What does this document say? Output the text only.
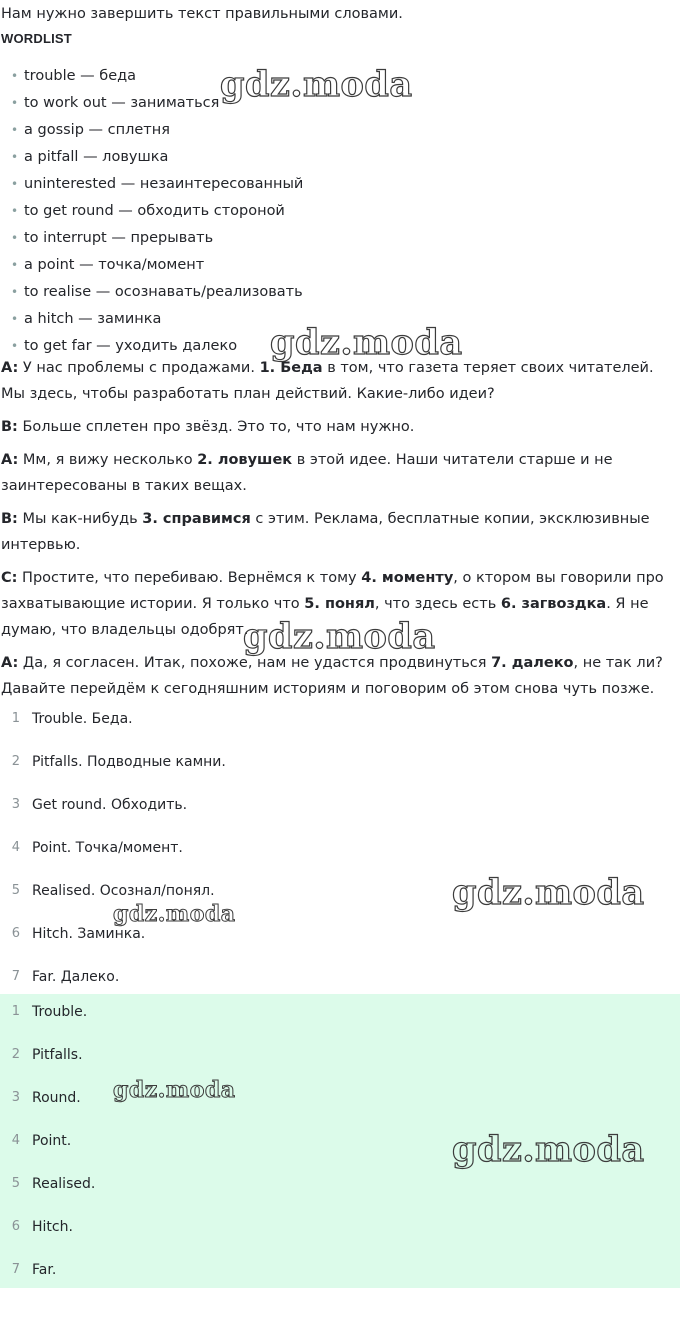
Нам нужно завершить текст правильными словами.
WORDLIST
• trouble — беда
• to work out — заниматься
• a gossip — сплетня
• a pitfall — ловушка
• uninterested — незаинтересованный
• to get round — обходить стороной
• to interrupt — прерывать
• a point — точка/момент
• to realise — осознавать/реализовать
• a hitch — заминка
• to get far — уходить далеко
A: У нас проблемы с продажами. 1. Беда в том, что газета теряет своих читателей. Мы здесь, чтобы разработать план действий. Какие-либо идеи?
B: Больше сплетен про звёзд. Это то, что нам нужно.
A: Мм, я вижу несколько 2. ловушек в этой идее. Наши читатели старше и не заинтересованы в таких вещах.
B: Мы как-нибудь 3. справимся с этим. Реклама, бесплатные копии, эксклюзивные интервью.
C: Простите, что перебиваю. Вернёмся к тому 4. моменту, о ктором вы говорили про захватывающие истории. Я только что 5. понял, что здесь есть 6. загвоздка. Я не думаю, что владельцы одобрят.
A: Да, я согласен. Итак, похоже, нам не удастся продвинуться 7. далеко, не так ли? Давайте перейдём к сегодняшним историям и поговорим об этом снова чуть позже.
1 Trouble. Беда.
2 Pitfalls. Подводные камни.
3 Get round. Обходить.
4 Point. Точка/момент.
5 Realised. Осознал/понял.
6 Hitch. Заминка.
7 Far. Далеко.
1 Trouble.
2 Pitfalls.
3 Round.
4 Point.
5 Realised.
6 Hitch.
7 Far.
gdz.moda
gdz.moda
gdz.moda
gdz.moda
gdz.moda
gdz.moda
gdz.moda
